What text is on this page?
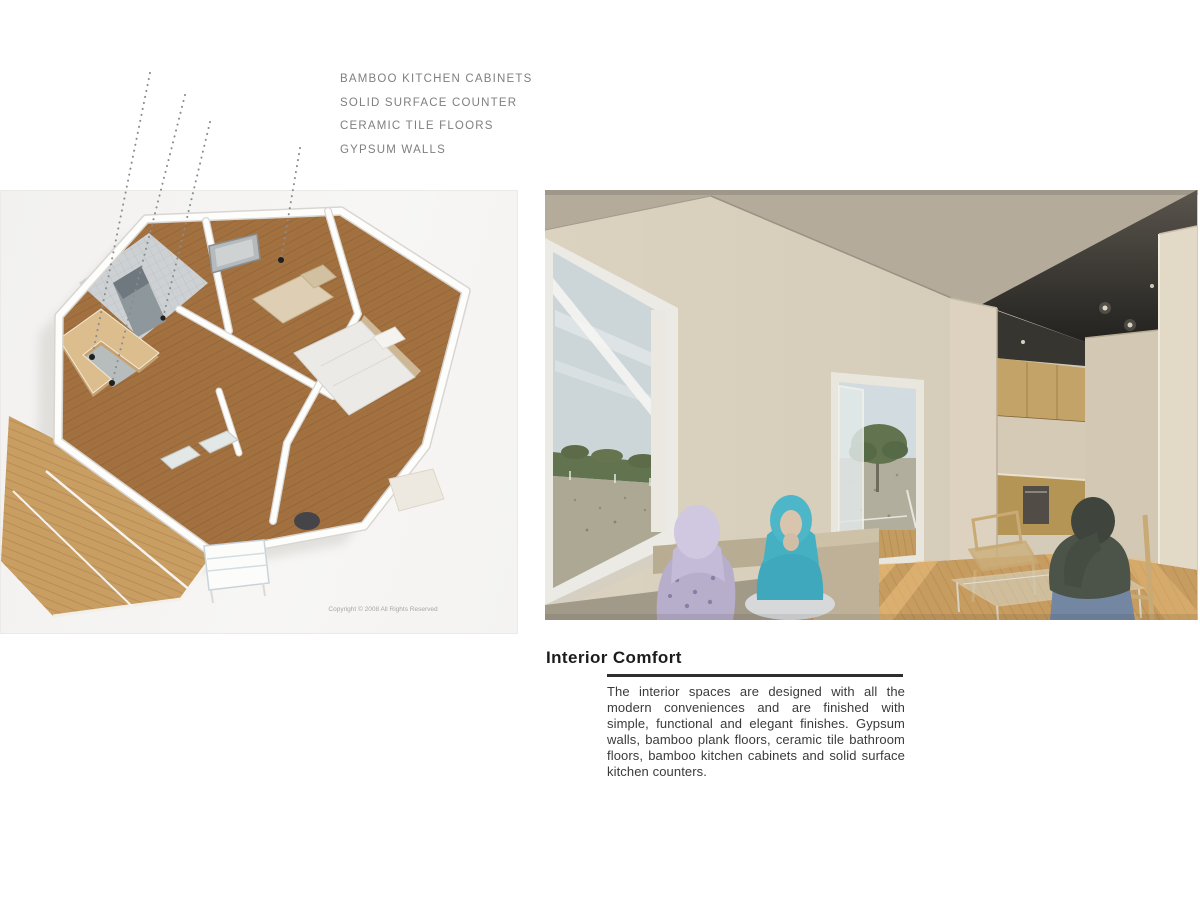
BAMBOO KITCHEN CABINETS
SOLID SURFACE COUNTER
CERAMIC TILE FLOORS
GYPSUM WALLS
Copyright © 2008 All Rights Reserved
Interior Comfort

The interior spaces are designed with all the modern conveniences and are finished with simple, functional and elegant finishes. Gypsum walls, bamboo plank floors, ceramic tile bathroom floors, bamboo kitchen cabinets and solid surface kitchen counters.
